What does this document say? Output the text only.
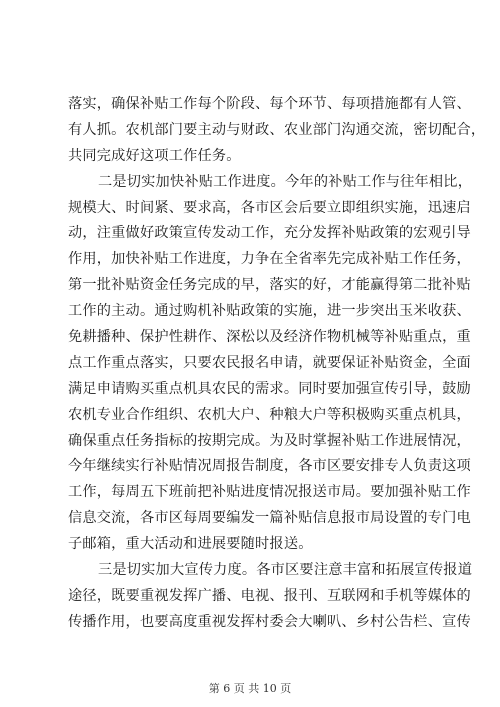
落实，确保补贴工作每个阶段、每个环节、每项措施都有人管、
有人抓。农机部门要主动与财政、农业部门沟通交流，密切配合，
共同完成好这项工作任务。
二是切实加快补贴工作进度。今年的补贴工作与往年相比，
规模大、时间紧、要求高，各市区会后要立即组织实施，迅速启
动，注重做好政策宣传发动工作，充分发挥补贴政策的宏观引导
作用，加快补贴工作进度，力争在全省率先完成补贴工作任务，
第一批补贴资金任务完成的早，落实的好，才能赢得第二批补贴
工作的主动。通过购机补贴政策的实施，进一步突出玉米收获、
免耕播种、保护性耕作、深松以及经济作物机械等补贴重点，重
点工作重点落实，只要农民报名申请，就要保证补贴资金，全面
满足申请购买重点机具农民的需求。同时要加强宣传引导，鼓励
农机专业合作组织、农机大户、种粮大户等积极购买重点机具，
确保重点任务指标的按期完成。为及时掌握补贴工作进展情况，
今年继续实行补贴情况周报告制度，各市区要安排专人负责这项
工作，每周五下班前把补贴进度情况报送市局。要加强补贴工作
信息交流，各市区每周要编发一篇补贴信息报市局设置的专门电
子邮箱，重大活动和进展要随时报送。
三是切实加大宣传力度。各市区要注意丰富和拓展宣传报道
途径，既要重视发挥广播、电视、报刊、互联网和手机等媒体的
传播作用，也要高度重视发挥村委会大喇叭、乡村公告栏、宣传
第 6 页 共 10 页
